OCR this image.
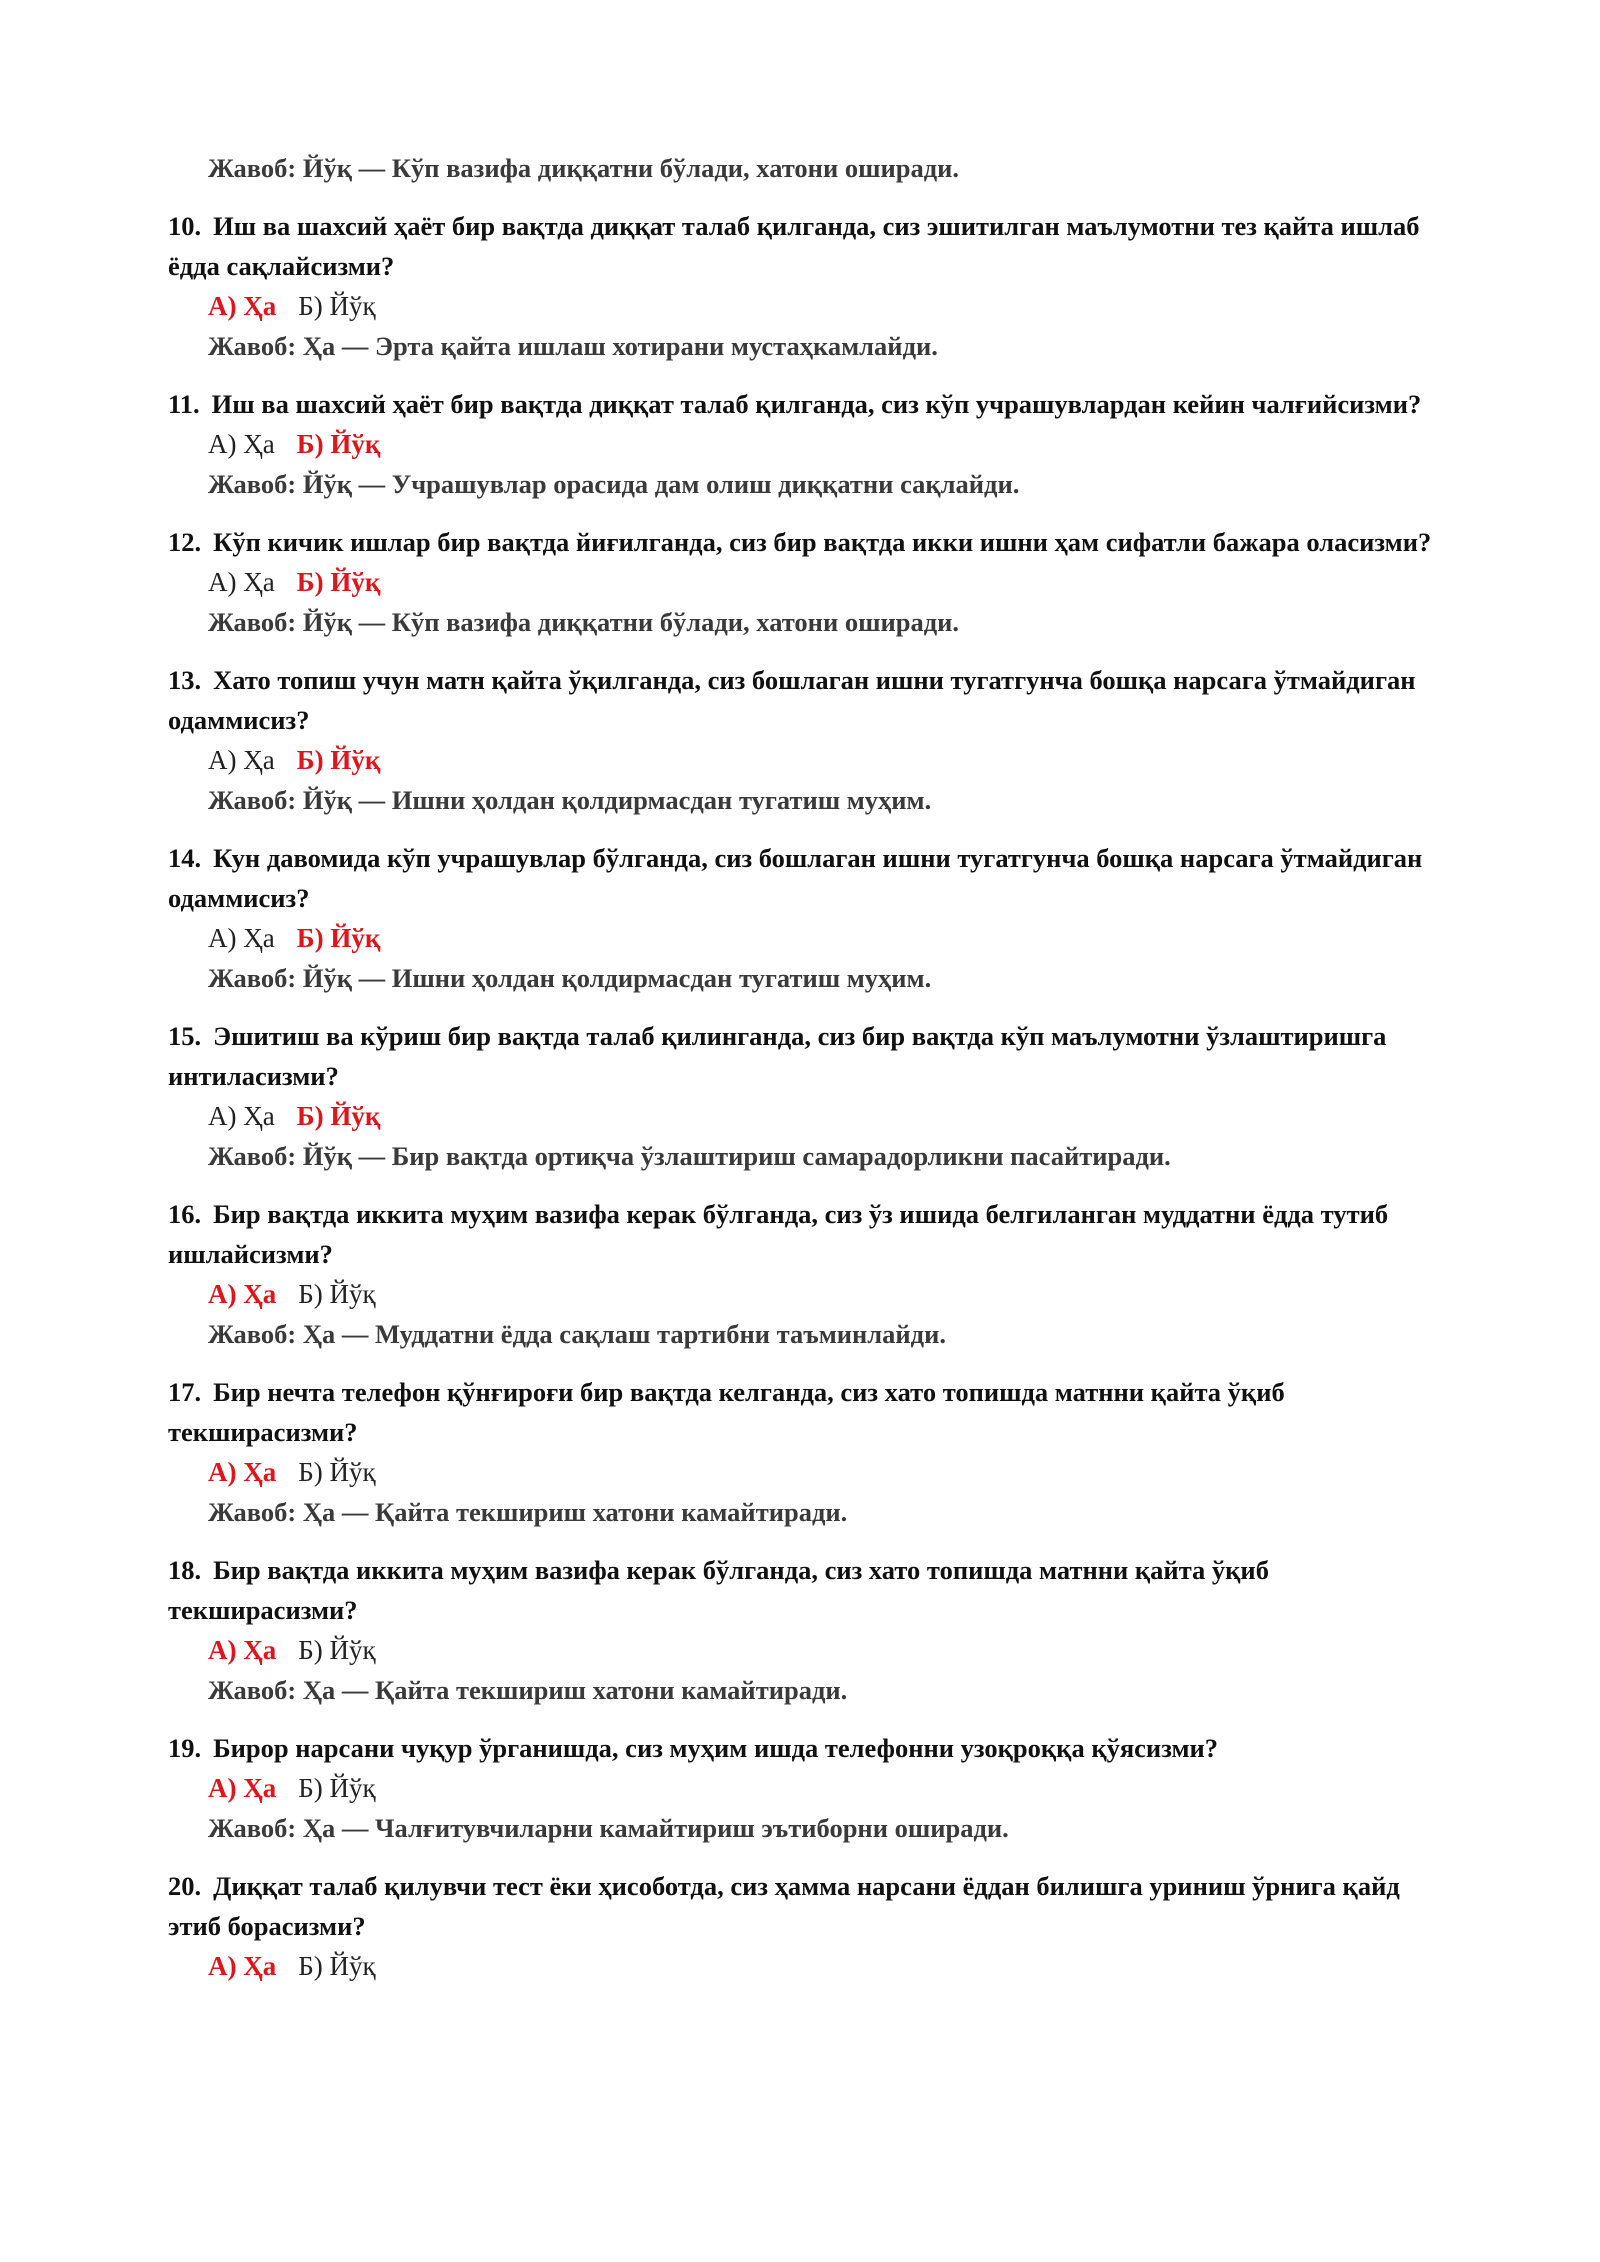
Жавоб: Йўқ — Кўп вазифа диққатни бўлади, хатони оширади.
10. Иш ва шахсий ҳаёт бир вақтда диққат талаб қилганда, сиз эшитилган маълумотни тез қайта ишлаб ёдда сақлайсизми?
А) Ҳа Б) Йўқ
Жавоб: Ҳа — Эрта қайта ишлаш хотирани мустаҳкамлайди.
11. Иш ва шахсий ҳаёт бир вақтда диққат талаб қилганда, сиз кўп учрашувлардан кейин чалғийсизми?
А) Ҳа Б) Йўқ
Жавоб: Йўқ — Учрашувлар орасида дам олиш диққатни сақлайди.
12. Кўп кичик ишлар бир вақтда йиғилганда, сиз бир вақтда икки ишни ҳам сифатли бажара оласизми?
А) Ҳа Б) Йўқ
Жавоб: Йўқ — Кўп вазифа диққатни бўлади, хатони оширади.
13. Хато топиш учун матн қайта ўқилганда, сиз бошлаган ишни тугатгунча бошқа нарсага ўтмайдиган одаммисиз?
А) Ҳа Б) Йўқ
Жавоб: Йўқ — Ишни ҳолдан қолдирмасдан тугатиш муҳим.
14. Кун давомида кўп учрашувлар бўлганда, сиз бошлаган ишни тугатгунча бошқа нарсага ўтмайдиган одаммисиз?
А) Ҳа Б) Йўқ
Жавоб: Йўқ — Ишни ҳолдан қолдирмасдан тугатиш муҳим.
15. Эшитиш ва кўриш бир вақтда талаб қилинганда, сиз бир вақтда кўп маълумотни ўзлаштиришга интиласизми?
А) Ҳа Б) Йўқ
Жавоб: Йўқ — Бир вақтда ортиқча ўзлаштириш самарадорликни пасайтиради.
16. Бир вақтда иккита муҳим вазифа керак бўлганда, сиз ўз ишида белгиланган муддатни ёдда тутиб ишлайсизми?
А) Ҳа Б) Йўқ
Жавоб: Ҳа — Муддатни ёдда сақлаш тартибни таъминлайди.
17. Бир нечта телефон қўнғироғи бир вақтда келганда, сиз хато топишда матнни қайта ўқиб текширасизми?
А) Ҳа Б) Йўқ
Жавоб: Ҳа — Қайта текшириш хатони камайтиради.
18. Бир вақтда иккита муҳим вазифа керак бўлганда, сиз хато топишда матнни қайта ўқиб текширасизми?
А) Ҳа Б) Йўқ
Жавоб: Ҳа — Қайта текшириш хатони камайтиради.
19. Бирор нарсани чуқур ўрганишда, сиз муҳим ишда телефонни узоқроққа қўясизми?
А) Ҳа Б) Йўқ
Жавоб: Ҳа — Чалғитувчиларни камайтириш эътиборни оширади.
20. Диққат талаб қилувчи тест ёки ҳисоботда, сиз ҳамма нарсани ёддан билишга уриниш ўрнига қайд этиб борасизми?
А) Ҳа Б) Йўқ
